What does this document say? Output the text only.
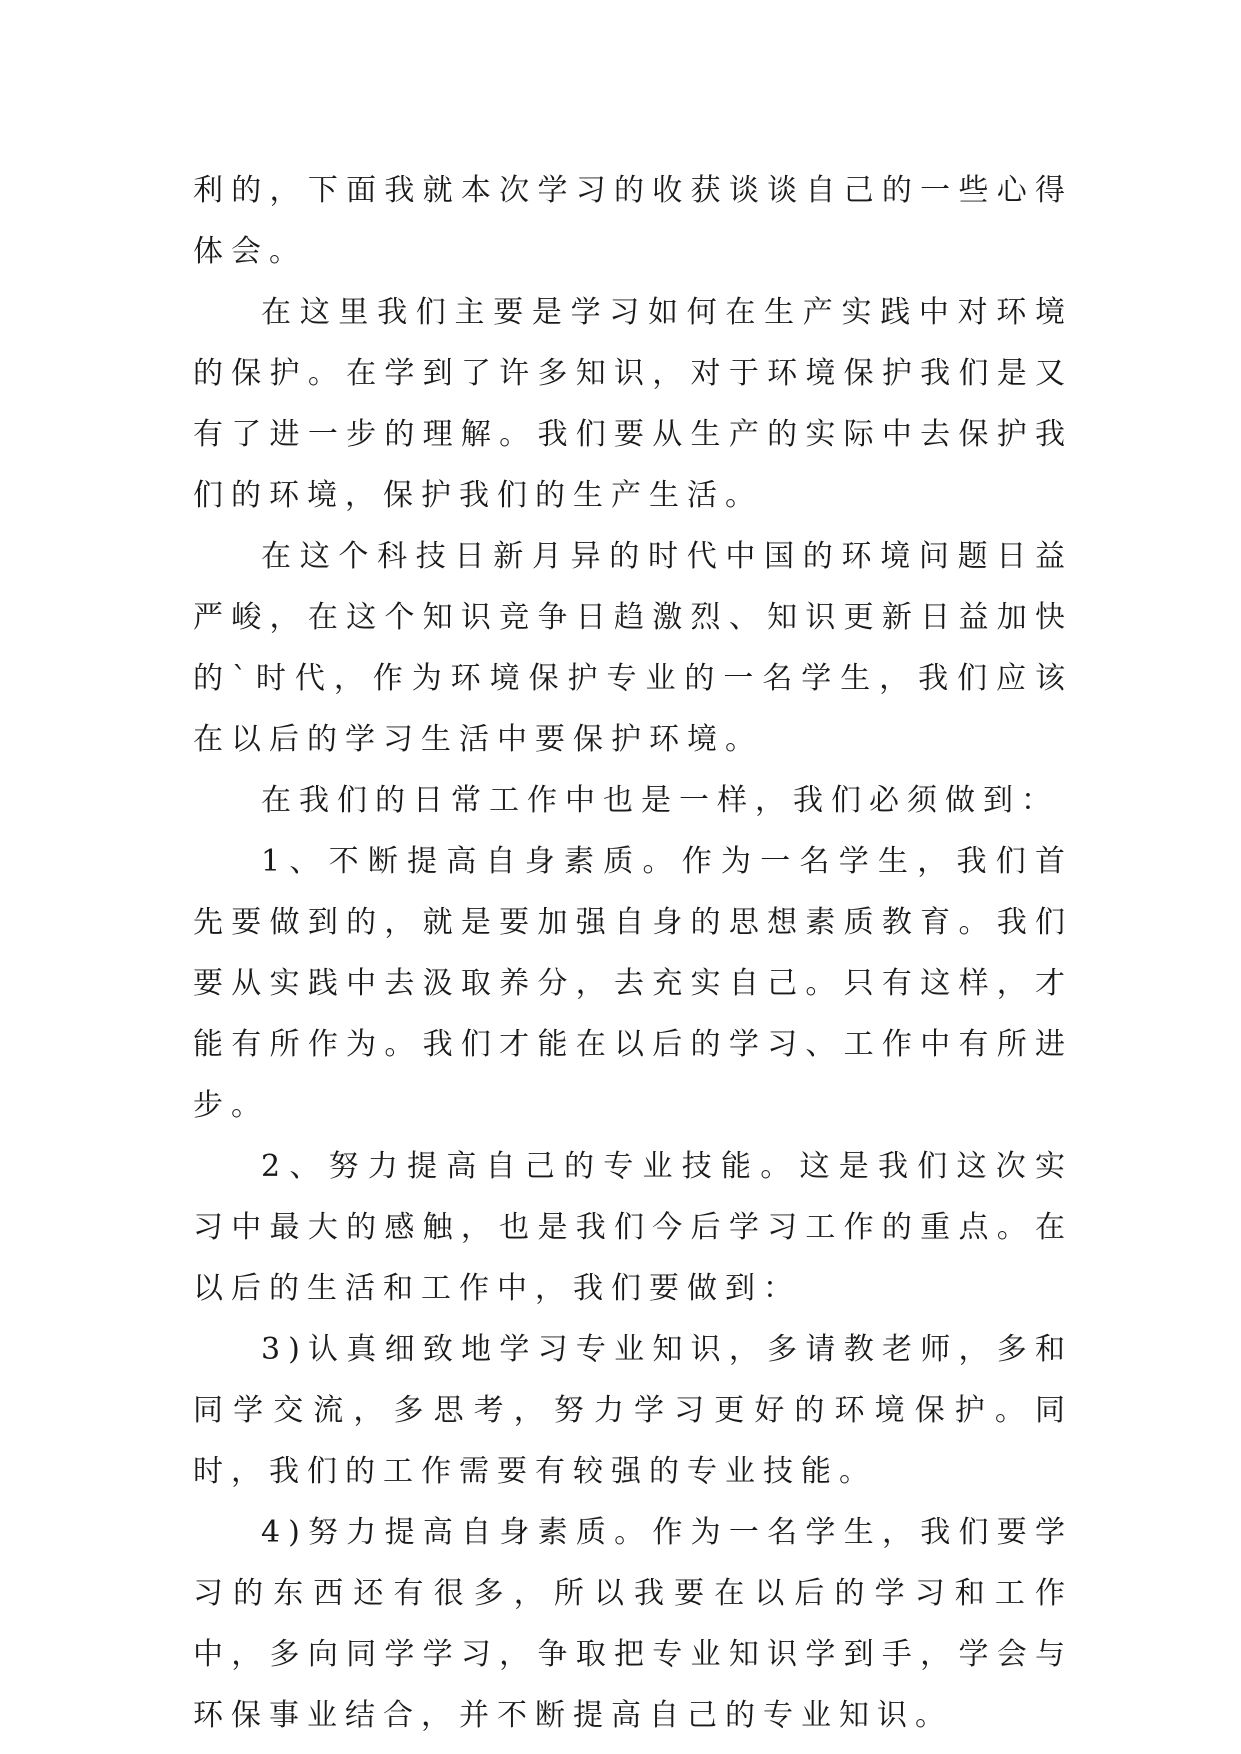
利的，下面我就本次学习的收获谈谈自己的一些心得体会。

在这里我们主要是学习如何在生产实践中对环境的保护。在学到了许多知识，对于环境保护我们是又有了进一步的理解。我们要从生产的实际中去保护我们的环境，保护我们的生产生活。

在这个科技日新月异的时代中国的环境问题日益严峻，在这个知识竞争日趋激烈、知识更新日益加快的`时代，作为环境保护专业的一名学生，我们应该在以后的学习生活中要保护环境。

在我们的日常工作中也是一样，我们必须做到：

1、不断提高自身素质。作为一名学生，我们首先要做到的，就是要加强自身的思想素质教育。我们要从实践中去汲取养分，去充实自己。只有这样，才能有所作为。我们才能在以后的学习、工作中有所进步。

2、努力提高自己的专业技能。这是我们这次实习中最大的感触，也是我们今后学习工作的重点。在以后的生活和工作中，我们要做到：

3)认真细致地学习专业知识，多请教老师，多和同学交流，多思考，努力学习更好的环境保护。同时，我们的工作需要有较强的专业技能。

4)努力提高自身素质。作为一名学生，我们要学习的东西还有很多，所以我要在以后的学习和工作中，多向同学学习，争取把专业知识学到手，学会与环保事业结合，并不断提高自己的专业知识。
